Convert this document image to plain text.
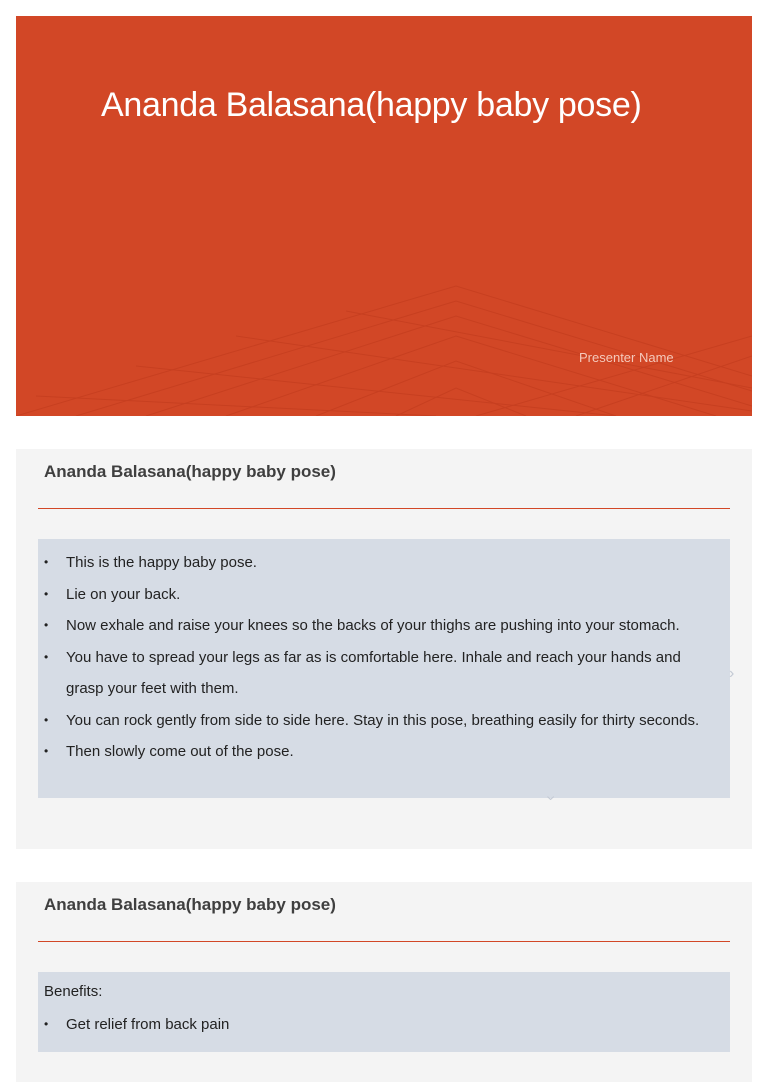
Ananda Balasana(happy baby pose)
Presenter Name
Ananda Balasana(happy baby pose)
›
›
• This is the happy baby pose.
• Lie on your back.
• Now exhale and raise your knees so the backs of your thighs are pushing into your stomach.
• You have to spread your legs as far as is comfortable here. Inhale and reach your hands and grasp your feet with them.
• You can rock gently from side to side here. Stay in this pose, breathing easily for thirty seconds.
• Then slowly come out of the pose.
Ananda Balasana(happy baby pose)
Benefits:
• Get relief from back pain
